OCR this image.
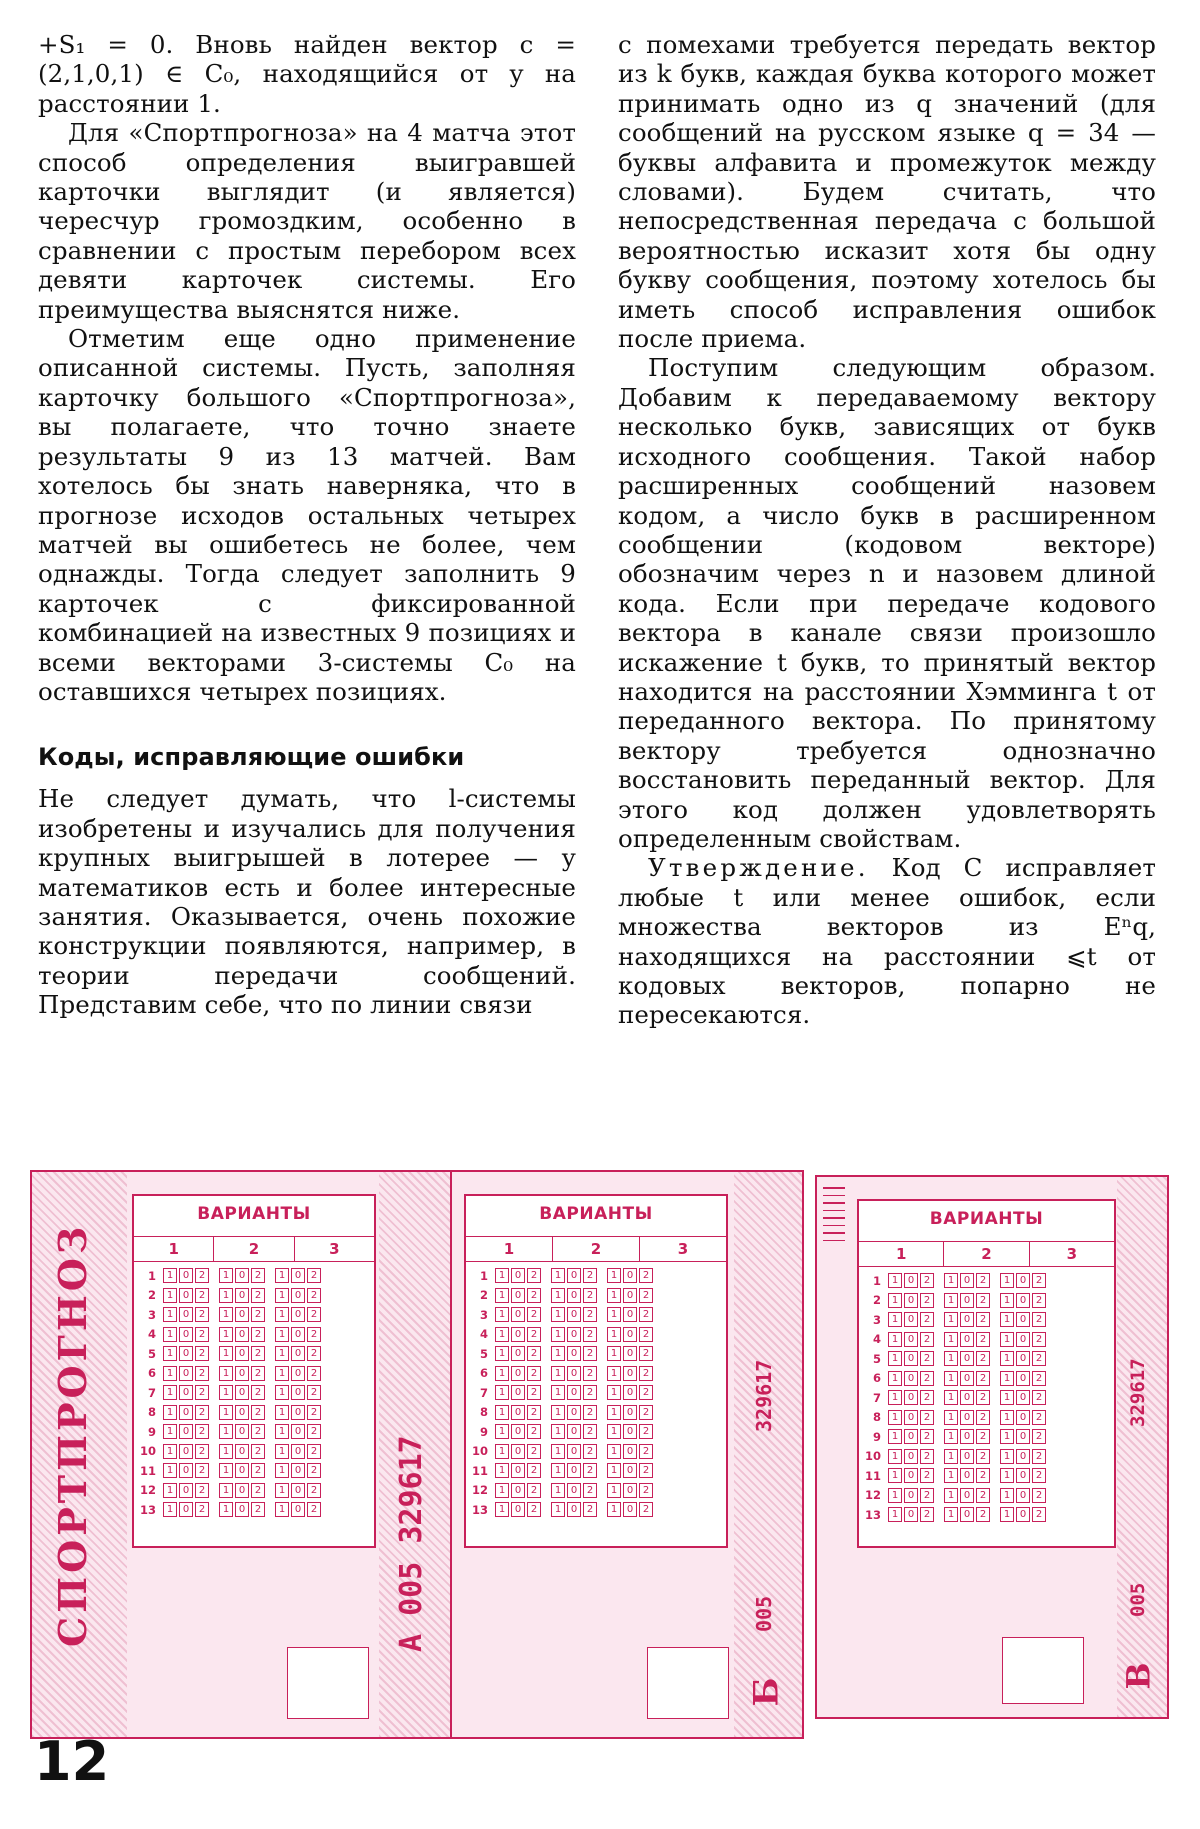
+S₁ = 0. Вновь найден вектор c = (2,1,0,1) ∈ C₀, находящийся от y на расстоянии 1.

Для «Спортпрогноза» на 4 матча этот способ определения выигравшей карточки выглядит (и является) чересчур громоздким, особенно в сравнении с простым перебором всех девяти карточек системы. Его преимущества выяснятся ниже.

Отметим еще одно применение описанной системы. Пусть, заполняя карточку большого «Спортпрогноза», вы полагаете, что точно знаете результаты 9 из 13 матчей. Вам хотелось бы знать наверняка, что в прогнозе исходов остальных четырех матчей вы ошибетесь не более, чем однажды. Тогда следует заполнить 9 карточек с фиксированной комбинацией на известных 9 позициях и всеми векторами 3-системы C₀ на оставшихся четырех позициях.

Коды, исправляющие ошибки

Не следует думать, что l-системы изобретены и изучались для получения крупных выигрышей в лотерее — у математиков есть и более интересные занятия. Оказывается, очень похожие конструкции появляются, например, в теории передачи сообщений. Представим себе, что по линии связи

с помехами требуется передать вектор из k букв, каждая буква которого может принимать одно из q значений (для сообщений на русском языке q = 34 — буквы алфавита и промежуток между словами). Будем считать, что непосредственная передача с большой вероятностью исказит хотя бы одну букву сообщения, поэтому хотелось бы иметь способ исправления ошибок после приема.

Поступим следующим образом. Добавим к передаваемому вектору несколько букв, зависящих от букв исходного сообщения. Такой набор расширенных сообщений назовем кодом, а число букв в расширенном сообщении (кодовом векторе) обозначим через n и назовем длиной кода. Если при передаче кодового вектора в канале связи произошло искажение t букв, то принятый вектор находится на расстоянии Хэмминга t от переданного вектора. По принятому вектору требуется однозначно восстановить переданный вектор. Для этого код должен удовлетворять определенным свойствам.

Утверждение. Код C исправляет любые t или менее ошибок, если множества векторов из Eⁿq, находящихся на расстоянии ⩽t от кодовых векторов, попарно не пересекаются.

СПОРТПРОГНОЗ
ВАРИАНТЫ
1	2	3
1	1 0 2	1 0 2	1 0 2
2	1 0 2	1 0 2	1 0 2
3	1 0 2	1 0 2	1 0 2
4	1 0 2	1 0 2	1 0 2
5	1 0 2	1 0 2	1 0 2
6	1 0 2	1 0 2	1 0 2
7	1 0 2	1 0 2	1 0 2
8	1 0 2	1 0 2	1 0 2
9	1 0 2	1 0 2	1 0 2
10	1 0 2	1 0 2	1 0 2
11	1 0 2	1 0 2	1 0 2
12	1 0 2	1 0 2	1 0 2
13	1 0 2	1 0 2	1 0 2	А 005 329617
ВАРИАНТЫ
1	2	3
1	1 0 2	1 0 2	1 0 2
2	1 0 2	1 0 2	1 0 2
3	1 0 2	1 0 2	1 0 2
4	1 0 2	1 0 2	1 0 2
5	1 0 2	1 0 2	1 0 2
6	1 0 2	1 0 2	1 0 2
7	1 0 2	1 0 2	1 0 2
8	1 0 2	1 0 2	1 0 2
9	1 0 2	1 0 2	1 0 2
10	1 0 2	1 0 2	1 0 2
11	1 0 2	1 0 2	1 0 2
12	1 0 2	1 0 2	1 0 2
13	1 0 2	1 0 2	1 0 2
329617
005
Б
ВАРИАНТЫ
1	2	3
1	1 0 2	1 0 2	1 0 2
2	1 0 2	1 0 2	1 0 2
3	1 0 2	1 0 2	1 0 2
4	1 0 2	1 0 2	1 0 2
5	1 0 2	1 0 2	1 0 2
6	1 0 2	1 0 2	1 0 2
7	1 0 2	1 0 2	1 0 2
8	1 0 2	1 0 2	1 0 2
9	1 0 2	1 0 2	1 0 2
10	1 0 2	1 0 2	1 0 2
11	1 0 2	1 0 2	1 0 2
12	1 0 2	1 0 2	1 0 2
13	1 0 2	1 0 2	1 0 2
329617
005
В
12
